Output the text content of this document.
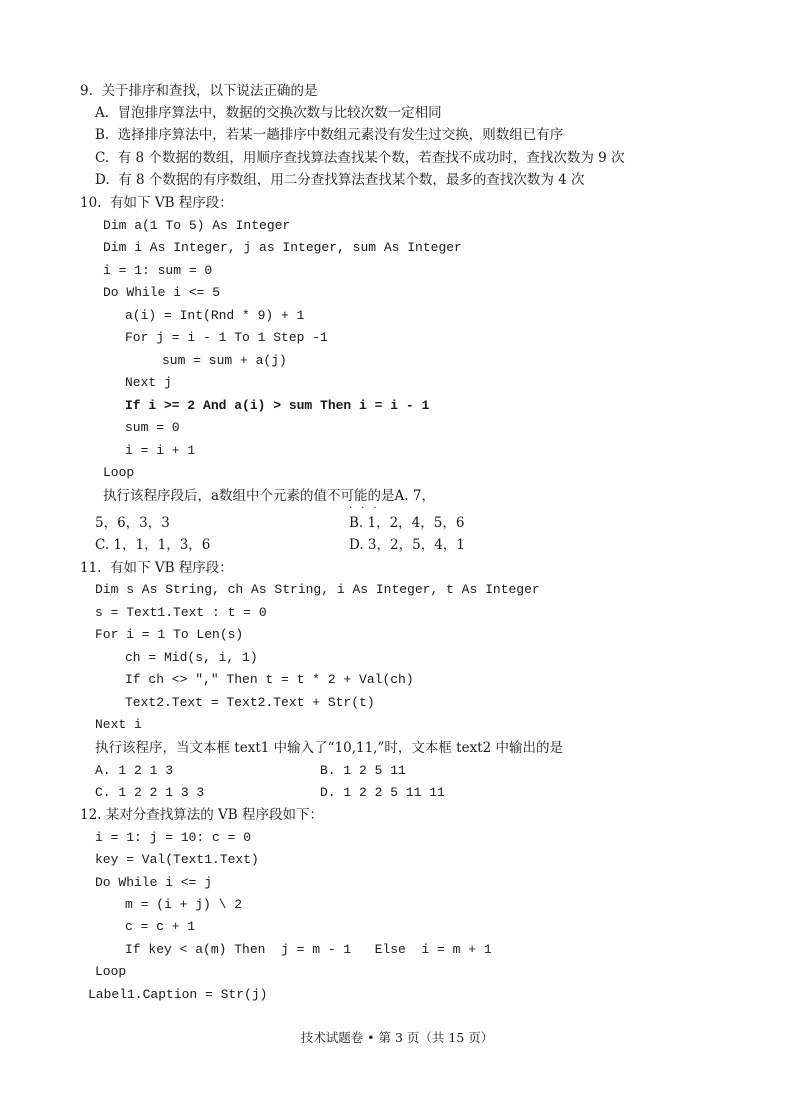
9.  关于排序和查找，以下说法正确的是
A.  冒泡排序算法中，数据的交换次数与比较次数一定相同
B.  选择排序算法中，若某一趟排序中数组元素没有发生过交换，则数组已有序
C.  有 8 个数据的数组，用顺序查找算法查找某个数，若查找不成功时，查找次数为 9 次
D.  有 8 个数据的有序数组，用二分查找算法查找某个数，最多的查找次数为 4 次
10.  有如下 VB 程序段：
Dim a(1 To 5) As Integer
Dim i As Integer, j as Integer, sum As Integer
i = 1: sum = 0
Do While i <= 5
a(i) = Int(Rnd * 9) + 1
For j = i - 1 To 1 Step -1
sum = sum + a(j)
Next j
If i >= 2 And a(i) > sum Then i = i - 1
sum = 0
i = i + 1
Loop
执行该程序段后，a数组中个元素的值不可能的是A. 7，
···
5，6，3，3	B. 1，2，4，5，6
C. 1，1，1，3，6	D. 3，2，5，4，1
11.  有如下 VB 程序段：
Dim s As String, ch As String, i As Integer, t As Integer
s = Text1.Text : t = 0
For i = 1 To Len(s)
ch = Mid(s, i, 1)
If ch <> "," Then t = t * 2 + Val(ch)
Text2.Text = Text2.Text + Str(t)
Next i
执行该程序，当文本框 text1 中输入了“10,11,”时，文本框 text2 中输出的是
A. 1 2 1 3	B. 1 2 5 11
C. 1 2 2 1 3 3	D. 1 2 2 5 11 11
12. 某对分查找算法的 VB 程序段如下：
i = 1: j = 10: c = 0
key = Val(Text1.Text)
Do While i <= j
m = (i + j) \ 2
c = c + 1
If key < a(m) Then  j = m - 1   Else  i = m + 1
Loop
Label1.Caption = Str(j)
技术试题卷 • 第 3 页（共 15 页）
